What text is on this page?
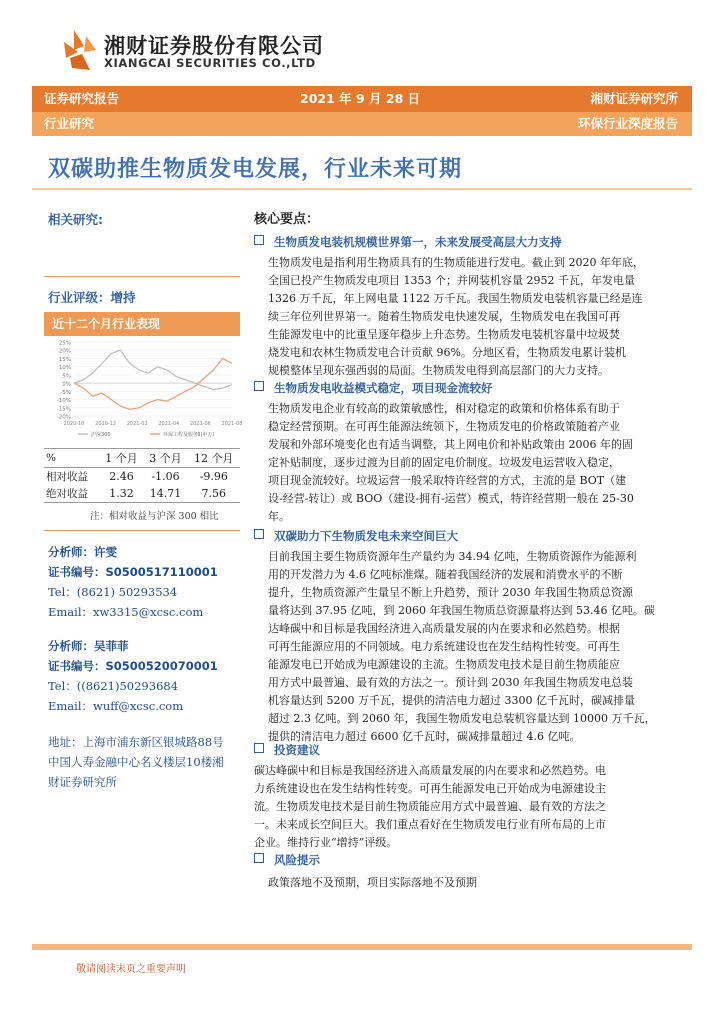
湘财证券股份有限公司
XIANGCAI SECURITIES CO.,LTD
证券研究报告	2021 年 9 月 28 日	湘财证券研究所
行业研究	环保行业深度报告
双碳助推生物质发电发展，行业未来可期
相关研究:
行业评级：增持
近十二个月行业表现
25%
20%
15%
10%
5%
0%
-5%
-10%
-15%
-20%
2020-10 2020-12 2021-02 2021-04 2021-06 2021-08
沪深300	环保工程及服务Ⅱ(申万)
%	1 个月	3 个月	12 个月
相对收益	2.46	-1.06	-9.96
绝对收益	1.32	14.71	7.56
注：相对收益与沪深 300 相比
分析师：许雯
证书编号：S0500517110001
Tel：(8621) 50293534
Email：xw3315@xcsc.com
分析师：吴菲菲
证书编号：S0500520070001
Tel：((8621)50293684
Email：wuff@xcsc.com
地址：上海市浦东新区银城路88号
中国人寿金融中心名义楼层10楼湘
财证券研究所
核心要点：
生物质发电装机规模世界第一，未来发展受高层大力支持
生物质发电是指利用生物质具有的生物质能进行发电。截止到 2020 年年底，
全国已投产生物质发电项目 1353 个；并网装机容量 2952 千瓦，年发电量
1326 万千瓦，年上网电量 1122 万千瓦。我国生物质发电装机容量已经是连
续三年位列世界第一。随着生物质发电快速发展，生物质发电在我国可再
生能源发电中的比重呈逐年稳步上升态势。生物质发电装机容量中垃圾焚
烧发电和农林生物质发电合计贡献 96%。分地区看，生物质发电累计装机
规模整体呈现东强西弱的局面。生物质发电得到高层部门的大力支持。
生物质发电收益模式稳定，项目现金流较好
生物质发电企业有较高的政策敏感性，相对稳定的政策和价格体系有助于
稳定经营预期。在可再生能源法统领下，生物质发电的价格政策随着产业
发展和外部环境变化也有适当调整，其上网电价和补贴政策由 2006 年的固
定补贴制度，逐步过渡为目前的固定电价制度。垃圾发电运营收入稳定，
项目现金流较好。垃圾运营一般采取特许经营的方式，主流的是 BOT（建
设-经营-转让）或 BOO（建设-拥有-运营）模式，特许经营期一般在 25-30
年。
双碳助力下生物质发电未来空间巨大
目前我国主要生物质资源年生产量约为 34.94 亿吨，生物质资源作为能源利
用的开发潜力为 4.6 亿吨标准煤。随着我国经济的发展和消费水平的不断
提升，生物质资源产生量呈不断上升趋势，预计 2030 年我国生物质总资源
量将达到 37.95 亿吨，到 2060 年我国生物质总资源量将达到 53.46 亿吨。碳
达峰碳中和目标是我国经济进入高质量发展的内在要求和必然趋势。根据
可再生能源应用的不同领域。电力系统建设也在发生结构性转变。可再生
能源发电已开始成为电源建设的主流。生物质发电技术是目前生物质能应
用方式中最普遍、最有效的方法之一。预计到 2030 年我国生物质发电总装
机容量达到 5200 万千瓦，提供的清洁电力超过 3300 亿千瓦时，碳减排量
超过 2.3 亿吨。到 2060 年，我国生物质发电总装机容量达到 10000 万千瓦，
提供的清洁电力超过 6600 亿千瓦时，碳减排量超过 4.6 亿吨。
投资建议
碳达峰碳中和目标是我国经济进入高质量发展的内在要求和必然趋势。电
力系统建设也在发生结构性转变。可再生能源发电已开始成为电源建设主
流。生物质发电技术是目前生物质能应用方式中最普遍、最有效的方法之
一。未来成长空间巨大。我们重点看好在生物质发电行业有所布局的上市
企业。维持行业“增持”评级。
风险提示
政策落地不及预期，项目实际落地不及预期
敬请阅读末页之重要声明
